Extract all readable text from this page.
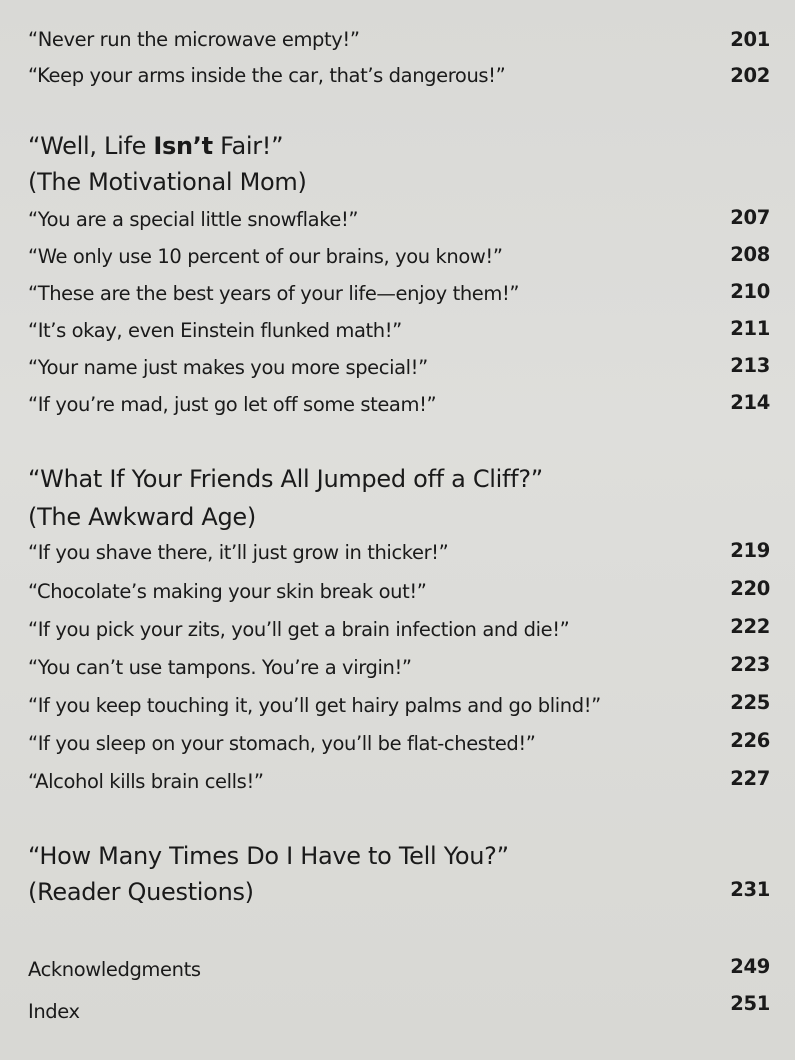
“Never run the microwave empty!”	201
“Keep your arms inside the car, that’s dangerous!”	202
“Well, Life Isn’t Fair!”
(The Motivational Mom)
“You are a special little snowflake!”	207
“We only use 10 percent of our brains, you know!”	208
“These are the best years of your life—enjoy them!”	210
“It’s okay, even Einstein flunked math!”	211
“Your name just makes you more special!”	213
“If you’re mad, just go let off some steam!”	214
“What If Your Friends All Jumped off a Cliff?”
(The Awkward Age)
“If you shave there, it’ll just grow in thicker!”	219
“Chocolate’s making your skin break out!”	220
“If you pick your zits, you’ll get a brain infection and die!”	222
“You can’t use tampons. You’re a virgin!”	223
“If you keep touching it, you’ll get hairy palms and go blind!”	225
“If you sleep on your stomach, you’ll be flat-chested!”	226
“Alcohol kills brain cells!”	227
“How Many Times Do I Have to Tell You?”
(Reader Questions)	231
Acknowledgments	249
Index	251
